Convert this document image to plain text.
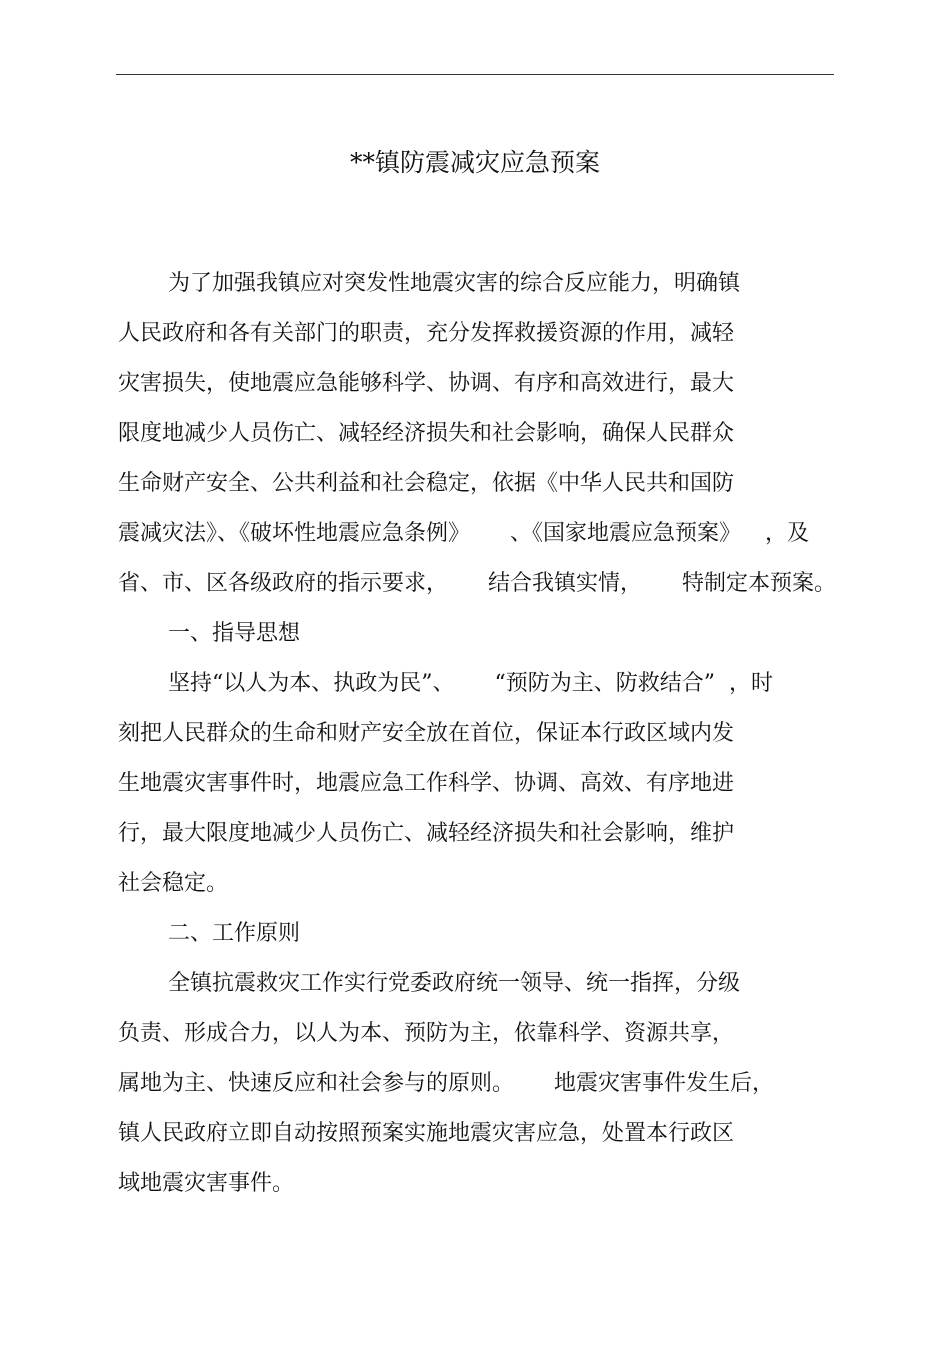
**镇防震减灾应急预案
为了加强我镇应对突发性地震灾害的综合反应能力，明确镇
人民政府和各有关部门的职责，充分发挥救援资源的作用，减轻
灾害损失，使地震应急能够科学、协调、有序和高效进行，最大
限度地减少人员伤亡、减轻经济损失和社会影响，确保人民群众
生命财产安全、公共利益和社会稳定，依据《中华人民共和国防
震减灾法》、《破坏性地震应急条例》 、《国家地震应急预案》 ，及
省、市、区各级政府的指示要求， 结合我镇实情， 特制定本预案。
一、指导思想
坚持“以人为本、执政为民”、 “预防为主、防救结合” ，时
刻把人民群众的生命和财产安全放在首位，保证本行政区域内发
生地震灾害事件时，地震应急工作科学、协调、高效、有序地进
行，最大限度地减少人员伤亡、减轻经济损失和社会影响，维护
社会稳定。
二、工作原则
全镇抗震救灾工作实行党委政府统一领导、统一指挥，分级
负责、形成合力，以人为本、预防为主，依靠科学、资源共享，
属地为主、快速反应和社会参与的原则。 地震灾害事件发生后，
镇人民政府立即自动按照预案实施地震灾害应急，处置本行政区
域地震灾害事件。
